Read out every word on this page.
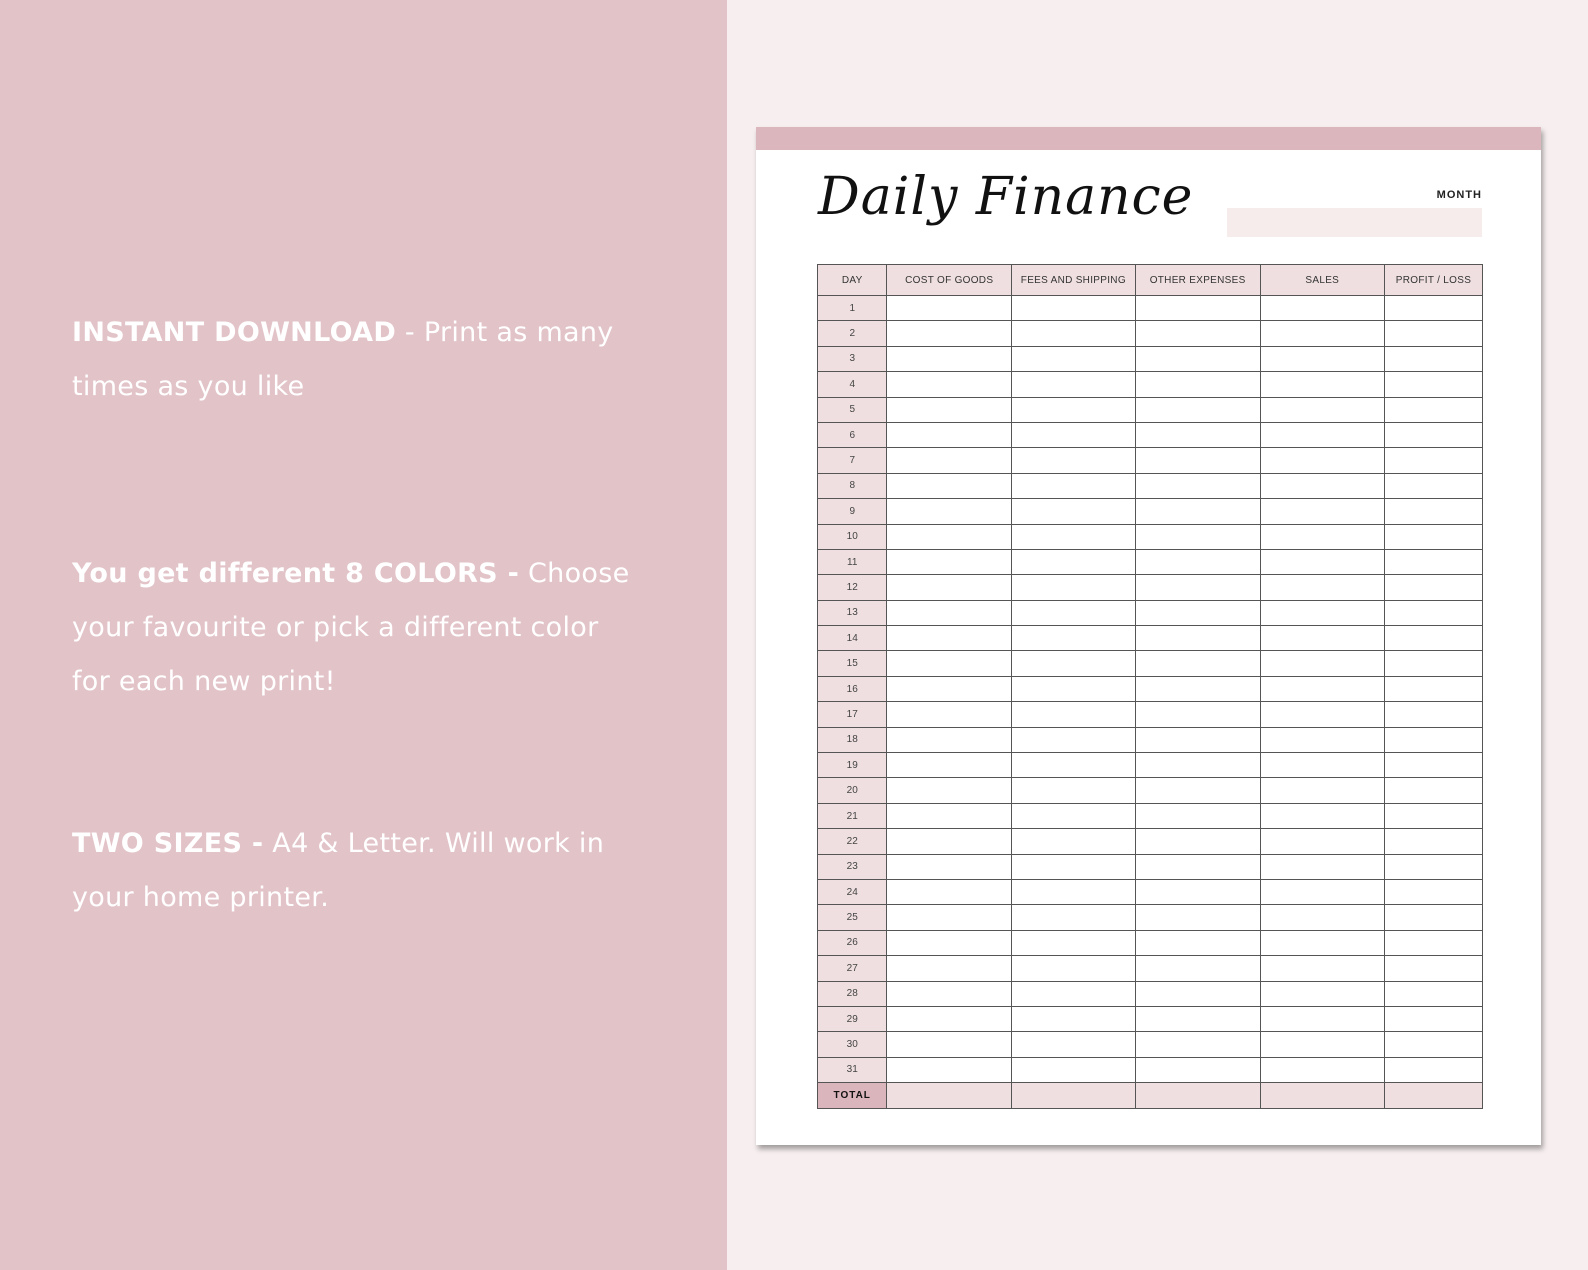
INSTANT DOWNLOAD - Print as many times as you like
You get different 8 COLORS - Choose your favourite or pick a different color for each new print!
TWO SIZES - A4 & Letter. Will work in your home printer.
Daily Finance	MONTH
DAY	COST OF GOODS	FEES AND SHIPPING	OTHER EXPENSES	SALES	PROFIT / LOSS
1					
2					
3					
4					
5					
6					
7					
8					
9					
10					
11					
12					
13					
14					
15					
16					
17					
18					
19					
20					
21					
22					
23					
24					
25					
26					
27					
28					
29					
30					
31					
TOTAL					
